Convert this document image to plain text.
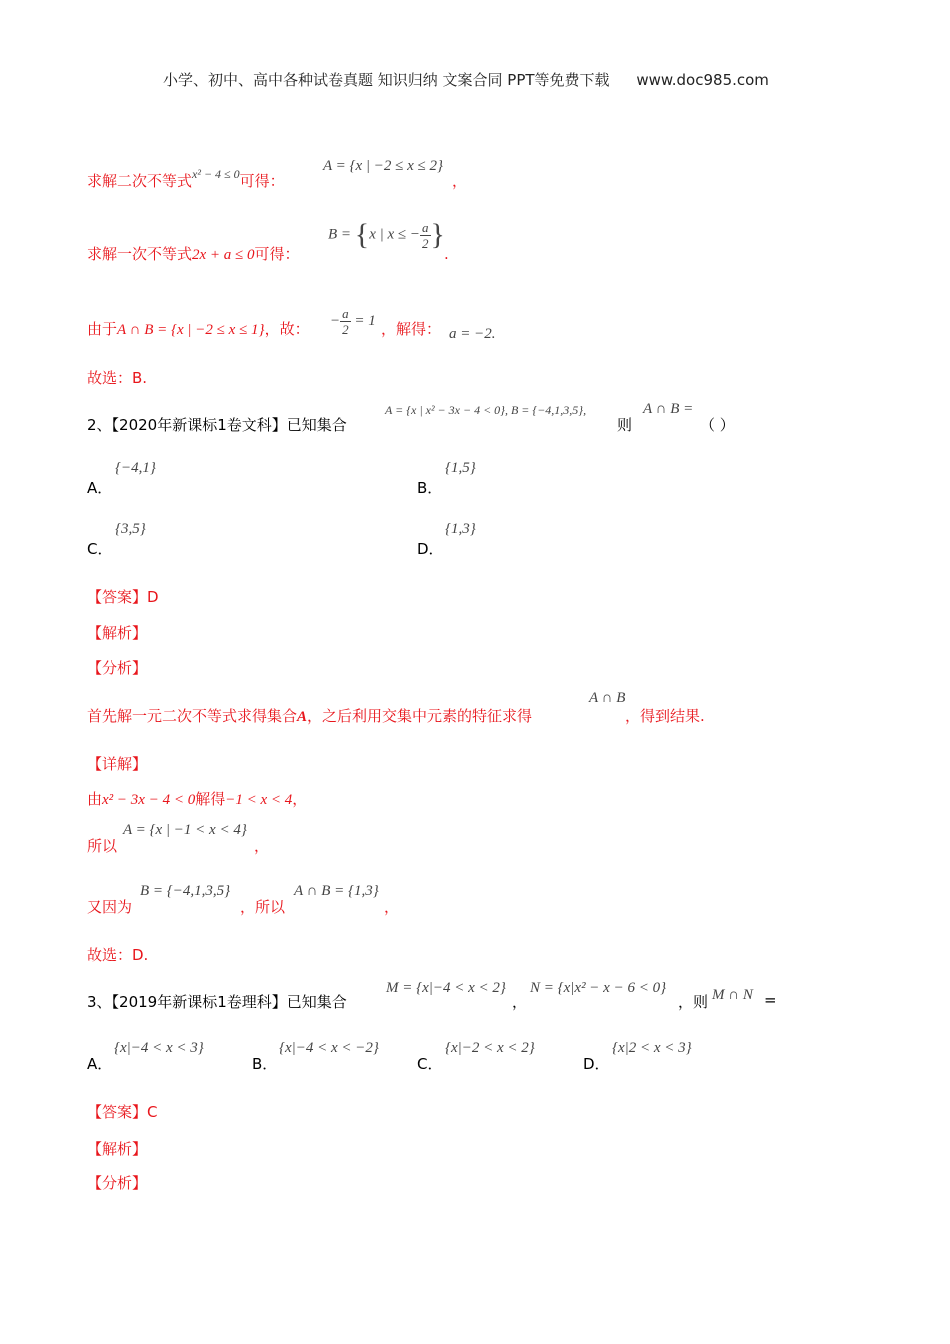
小学、初中、高中各种试卷真题 知识归纳 文案合同 PPT等免费下载 www.doc985.com
求解二次不等式$^{x^2 - 4 \le 0}$可得：
A = {x | −2 ≤ x ≤ 2}
，
求解一次不等式2x + a ≤ 0可得：
B = {x | x ≤ − $\frac{a}{2}$ }
.
由于A ∩ B = {x | −2 ≤ x ≤ 1}，故： − $\frac{a}{2} = 1$ ，解得： a = −2.
故选：B.
2、【2020年新课标1卷文科】已知集合
A = {x | x² − 3x − 4 < 0}, B = {−4,1,3,5},
则
A ∩ B =
（ ）
A．
{−4,1}
B．
{1,5}
C．
{3,5}
D．
{1,3}
【答案】D
【解析】
【分析】
首先解一元二次不等式求得集合A，之后利用交集中元素的特征求得
A ∩ B
，得到结果.
【详解】
由x² − 3x − 4 < 0解得−1 < x < 4，
所以
A = {x | −1 < x < 4}
，
又因为
B = {−4,1,3,5}
，所以
A ∩ B = {1,3}
，
故选：D.
3、【2019年新课标1卷理科】已知集合
M = {x|−4 < x < 2}
，
N = {x|x² − x − 6 < 0}
，则 M ∩ N =
A．
{x|−4 < x < 3}
B．
{x|−4 < x < −2}
C．
{x|−2 < x < 2}
D．
{x|2 < x < 3}
【答案】C
【解析】
【分析】
